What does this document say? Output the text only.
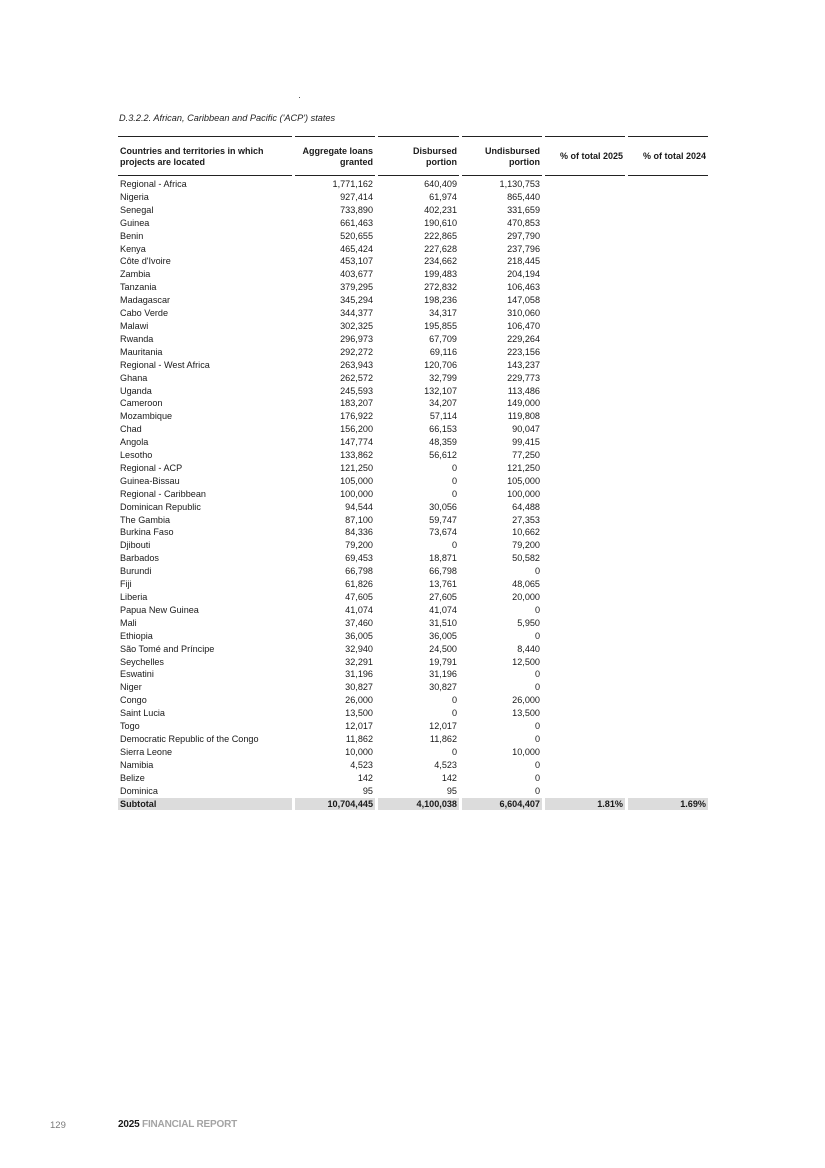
D.3.2.2. African, Caribbean and Pacific ('ACP') states
Countries and territories in which projects are located	Aggregate loans granted	Disbursed portion	Undisbursed portion	% of total 2025	% of total 2024
Regional - Africa	1,771,162	640,409	1,130,753		
Nigeria	927,414	61,974	865,440		
Senegal	733,890	402,231	331,659		
Guinea	661,463	190,610	470,853		
Benin	520,655	222,865	297,790		
Kenya	465,424	227,628	237,796		
Côte d'Ivoire	453,107	234,662	218,445		
Zambia	403,677	199,483	204,194		
Tanzania	379,295	272,832	106,463		
Madagascar	345,294	198,236	147,058		
Cabo Verde	344,377	34,317	310,060		
Malawi	302,325	195,855	106,470		
Rwanda	296,973	67,709	229,264		
Mauritania	292,272	69,116	223,156		
Regional - West Africa	263,943	120,706	143,237		
Ghana	262,572	32,799	229,773		
Uganda	245,593	132,107	113,486		
Cameroon	183,207	34,207	149,000		
Mozambique	176,922	57,114	119,808		
Chad	156,200	66,153	90,047		
Angola	147,774	48,359	99,415		
Lesotho	133,862	56,612	77,250		
Regional - ACP	121,250	0	121,250		
Guinea-Bissau	105,000	0	105,000		
Regional - Caribbean	100,000	0	100,000		
Dominican Republic	94,544	30,056	64,488		
The Gambia	87,100	59,747	27,353		
Burkina Faso	84,336	73,674	10,662		
Djibouti	79,200	0	79,200		
Barbados	69,453	18,871	50,582		
Burundi	66,798	66,798	0		
Fiji	61,826	13,761	48,065		
Liberia	47,605	27,605	20,000		
Papua New Guinea	41,074	41,074	0		
Mali	37,460	31,510	5,950		
Ethiopia	36,005	36,005	0		
São Tomé and Príncipe	32,940	24,500	8,440		
Seychelles	32,291	19,791	12,500		
Eswatini	31,196	31,196	0		
Niger	30,827	30,827	0		
Congo	26,000	0	26,000		
Saint Lucia	13,500	0	13,500		
Togo	12,017	12,017	0		
Democratic Republic of the Congo	11,862	11,862	0		
Sierra Leone	10,000	0	10,000		
Namibia	4,523	4,523	0		
Belize	142	142	0		
Dominica	95	95	0		
Subtotal	10,704,445	4,100,038	6,604,407	1.81%	1.69%
129	2025 FINANCIAL REPORT
